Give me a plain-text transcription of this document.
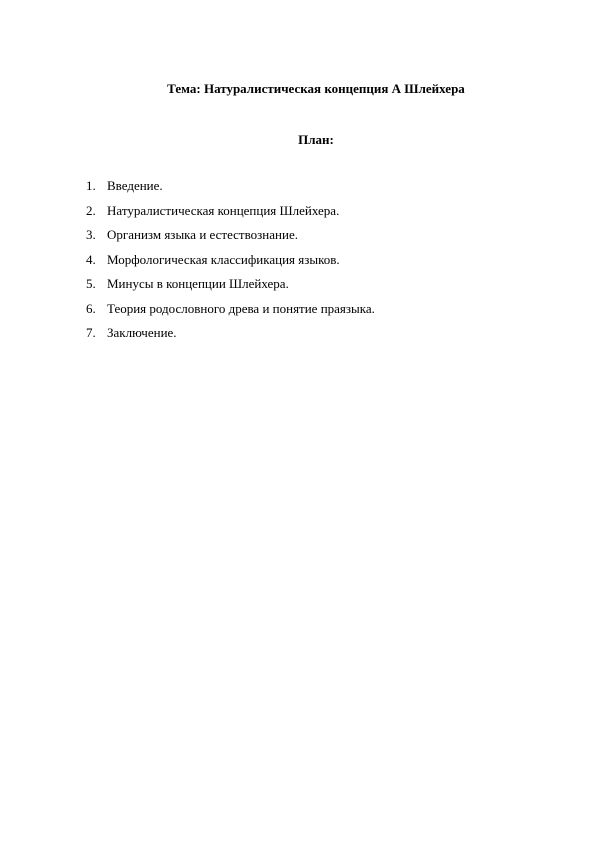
Тема: Натуралистическая концепция А Шлейхера
План:
1. Введение.
2. Натуралистическая концепция Шлейхера.
3. Организм языка и естествознание.
4. Морфологическая классификация языков.
5. Минусы в концепции Шлейхера.
6. Теория родословного древа и понятие праязыка.
7. Заключение.
